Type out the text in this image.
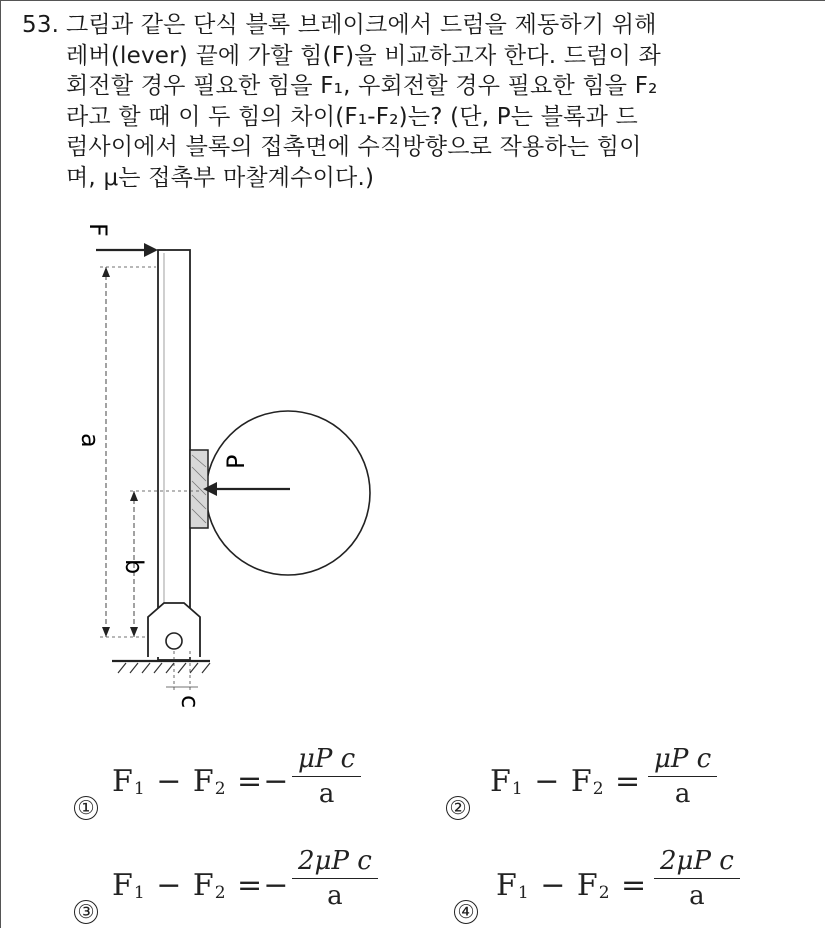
53. 그림과 같은 단식 블록 브레이크에서 드럼을 제동하기 위해
레버(lever) 끝에 가할 힘(F)을 비교하고자 한다. 드럼이 좌
회전할 경우 필요한 힘을 F₁, 우회전할 경우 필요한 힘을 F₂
라고 할 때 이 두 힘의 차이(F₁-F₂)는? (단, P는 블록과 드
럼사이에서 블록의 접촉면에 수직방향으로 작용하는 힘이
며, μ는 접촉부 마찰계수이다.)
F
P
a
b
c
①
$F_1 - F_2$ =−
μP c
a	②
$F_1 - F_2$ =
μP c
a
③
$F_1 - F_2$ =−
2μP c
a
④
$F_1 - F_2$ =
2μP c
a
